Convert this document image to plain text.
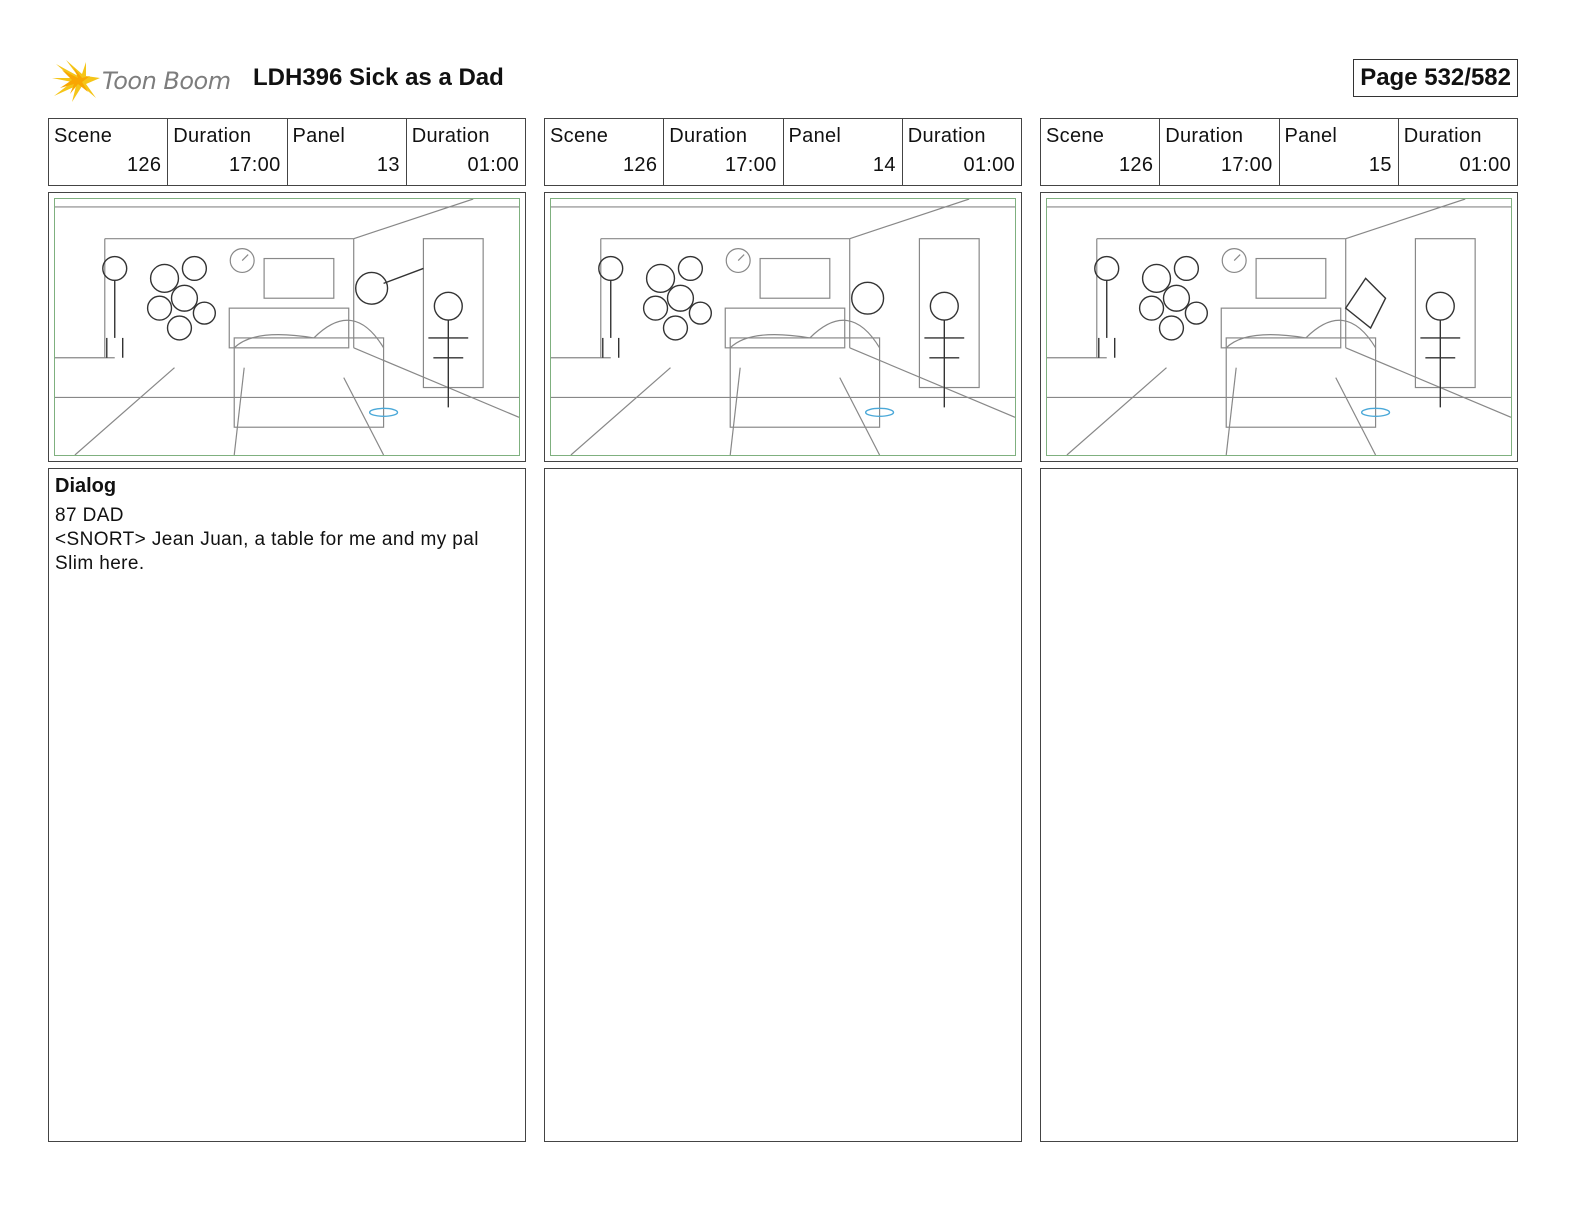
Toon Boom LDH396 Sick as a Dad	Page 532/582
Scene
126
Duration
17:00
Panel
13
Duration
01:00
Dialog
87 DAD
<SNORT> Jean Juan, a table for me and my pal
Slim here.
Scene
126
Duration
17:00
Panel
14
Duration
01:00
Scene
126
Duration
17:00
Panel
15
Duration
01:00
